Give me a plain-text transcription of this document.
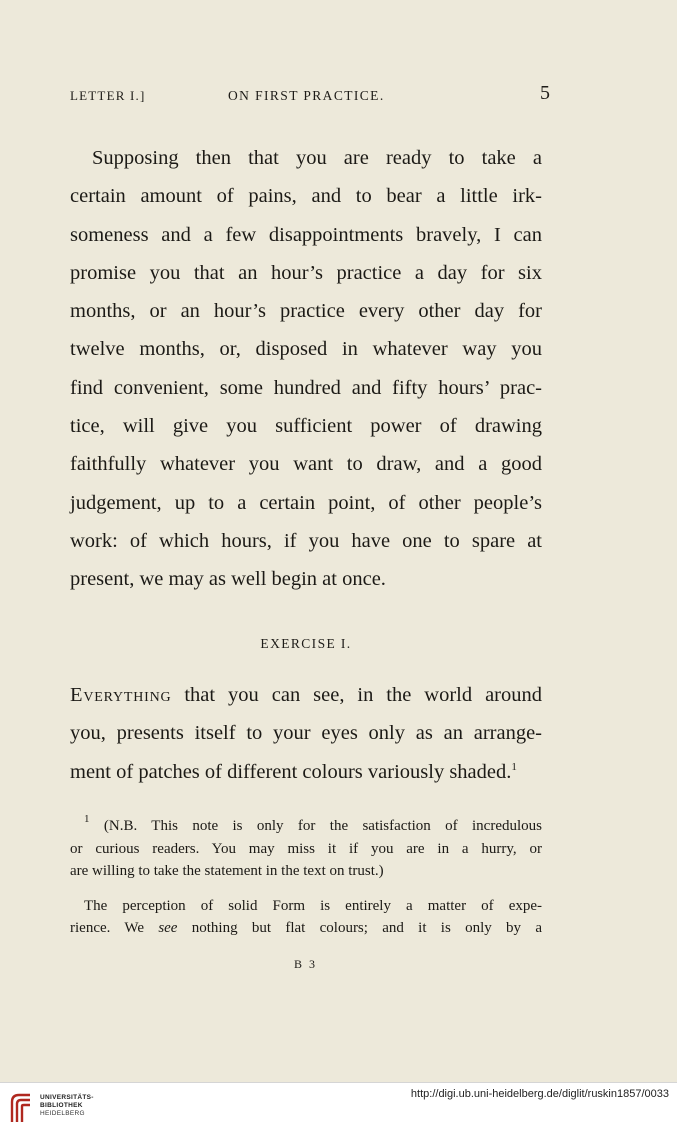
LETTER I.]	ON FIRST PRACTICE.	5
Supposing then that you are ready to take a
certain amount of pains, and to bear a little irk-
someness and a few disappointments bravely, I can
promise you that an hour’s practice a day for six
months, or an hour’s practice every other day for
twelve months, or, disposed in whatever way you
find convenient, some hundred and fifty hours’ prac-
tice, will give you sufficient power of drawing
faithfully whatever you want to draw, and a good
judgement, up to a certain point, of other people’s
work: of which hours, if you have one to spare at
present, we may as well begin at once.
EXERCISE I.
Everything that you can see, in the world around
you, presents itself to your eyes only as an arrange-
ment of patches of different colours variously shaded.$^1$
$^1$ (N.B. This note is only for the satisfaction of incredulous
or curious readers. You may miss it if you are in a hurry, or
are willing to take the statement in the text on trust.)
The perception of solid Form is entirely a matter of expe-
rience. We see nothing but flat colours; and it is only by a
B 3
UNIVERSITÄTS-
BIBLIOTHEK
HEIDELBERG
http://digi.ub.uni-heidelberg.de/diglit/ruskin1857/0033
